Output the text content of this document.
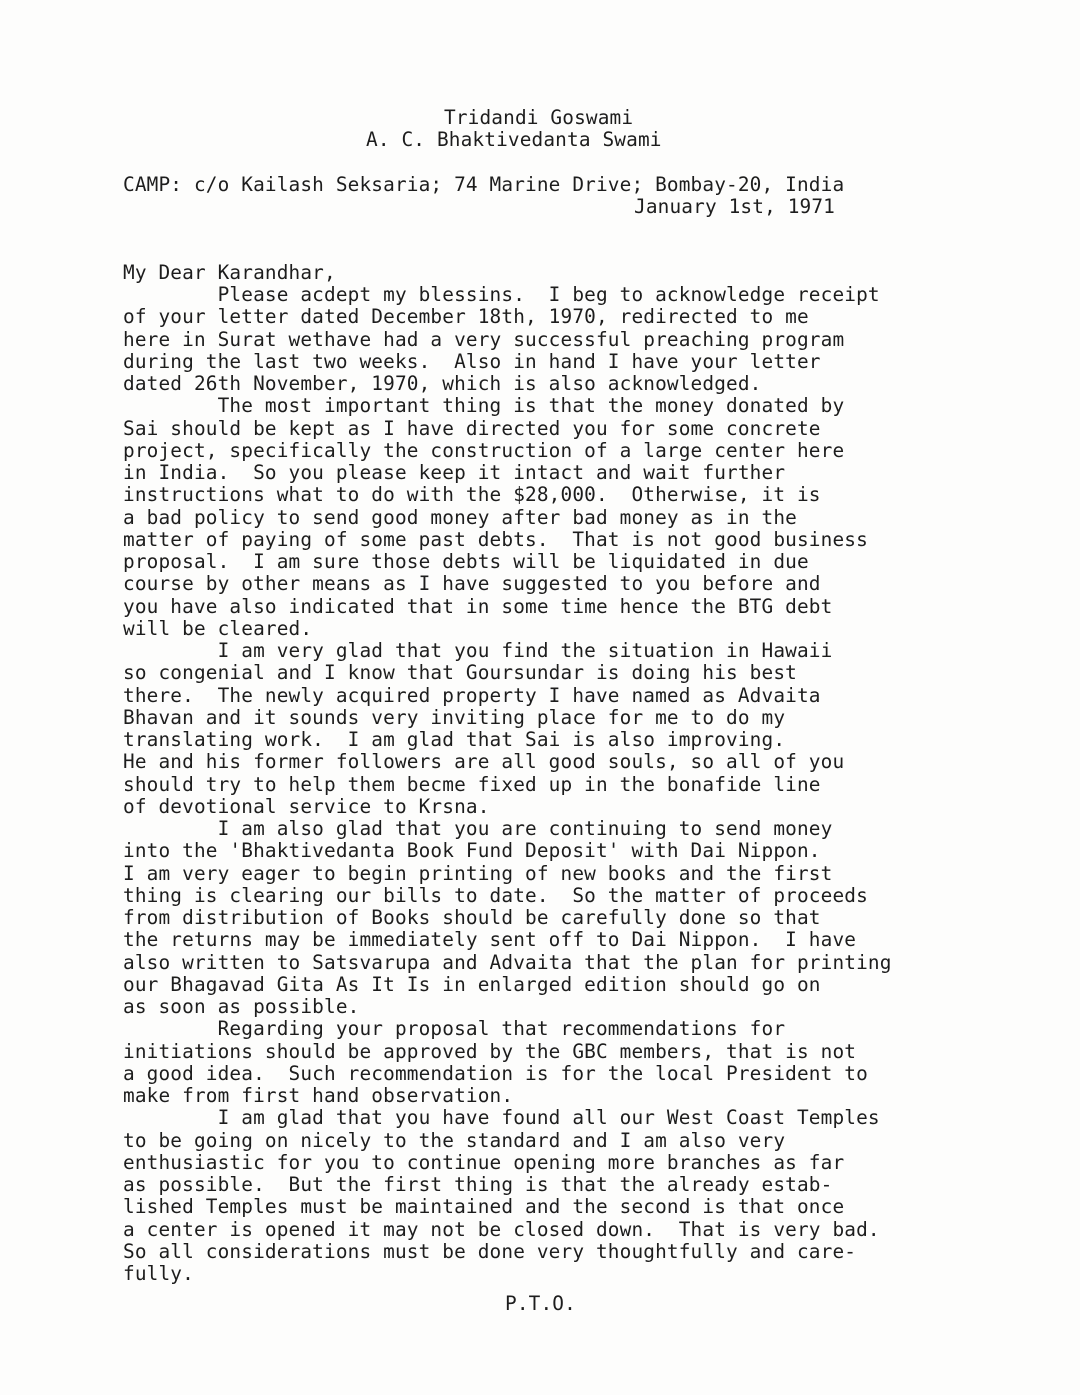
Tridandi Goswami
A. C. Bhaktivedanta Swami
CAMP: c/o Kailash Seksaria; 74 Marine Drive; Bombay-20, India
January 1st, 1971
My Dear Karandhar,
Please acdept my blessins.  I beg to acknowledge receipt
of your letter dated December 18th, 1970, redirected to me
here in Surat wethave had a very successful preaching program
during the last two weeks.  Also in hand I have your letter
dated 26th November, 1970, which is also acknowledged.
The most important thing is that the money donated by
Sai should be kept as I have directed you for some concrete
project, specifically the construction of a large center here
in India.  So you please keep it intact and wait further
instructions what to do with the $28,000.  Otherwise, it is
a bad policy to send good money after bad money as in the
matter of paying of some past debts.  That is not good business
proposal.  I am sure those debts will be liquidated in due
course by other means as I have suggested to you before and
you have also indicated that in some time hence the BTG debt
will be cleared.
I am very glad that you find the situation in Hawaii
so congenial and I know that Goursundar is doing his best
there.  The newly acquired property I have named as Advaita
Bhavan and it sounds very inviting place for me to do my
translating work.  I am glad that Sai is also improving.
He and his former followers are all good souls, so all of you
should try to help them becme fixed up in the bonafide line
of devotional service to Krsna.
I am also glad that you are continuing to send money
into the 'Bhaktivedanta Book Fund Deposit' with Dai Nippon.
I am very eager to begin printing of new books and the first
thing is clearing our bills to date.  So the matter of proceeds
from distribution of Books should be carefully done so that
the returns may be immediately sent off to Dai Nippon.  I have
also written to Satsvarupa and Advaita that the plan for printing
our Bhagavad Gita As It Is in enlarged edition should go on
as soon as possible.
Regarding your proposal that recommendations for
initiations should be approved by the GBC members, that is not
a good idea.  Such recommendation is for the local President to
make from first hand observation.
I am glad that you have found all our West Coast Temples
to be going on nicely to the standard and I am also very
enthusiastic for you to continue opening more branches as far
as possible.  But the first thing is that the already estab-
lished Temples must be maintained and the second is that once
a center is opened it may not be closed down.  That is very bad.
So all considerations must be done very thoughtfully and care-
fully.
P.T.O.
